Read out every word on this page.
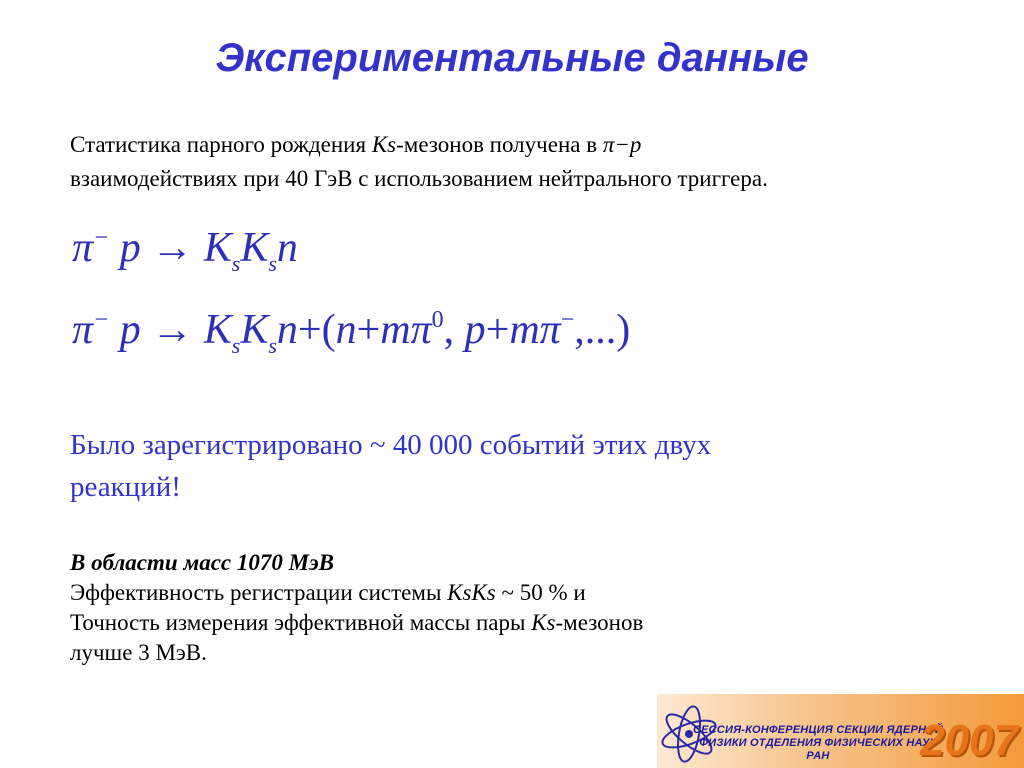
Экспериментальные данные
Статистика парного рождения Ks-мезонов получена в π−p
взаимодействиях при 40 ГэВ с использованием нейтрального триггера.
π− $p \to K_sK_sn$
π− $p \to K_sK_sn+(n+m\pi^0$, p+mπ−,...)
Было зарегистрировано ~ 40 000 событий этих двух
реакций!
В области масс 1070 МэВ
Эффективность регистрации системы KsKs ~ 50 % и
Точность измерения эффективной массы пары Ks-мезонов
лучше 3 МэВ.
СЕССИЯ-КОНФЕРЕНЦИЯ СЕКЦИИ ЯДЕРНОЙ
ФИЗИКИ ОТДЕЛЕНИЯ ФИЗИЧЕСКИХ НАУК
РАН	2007
